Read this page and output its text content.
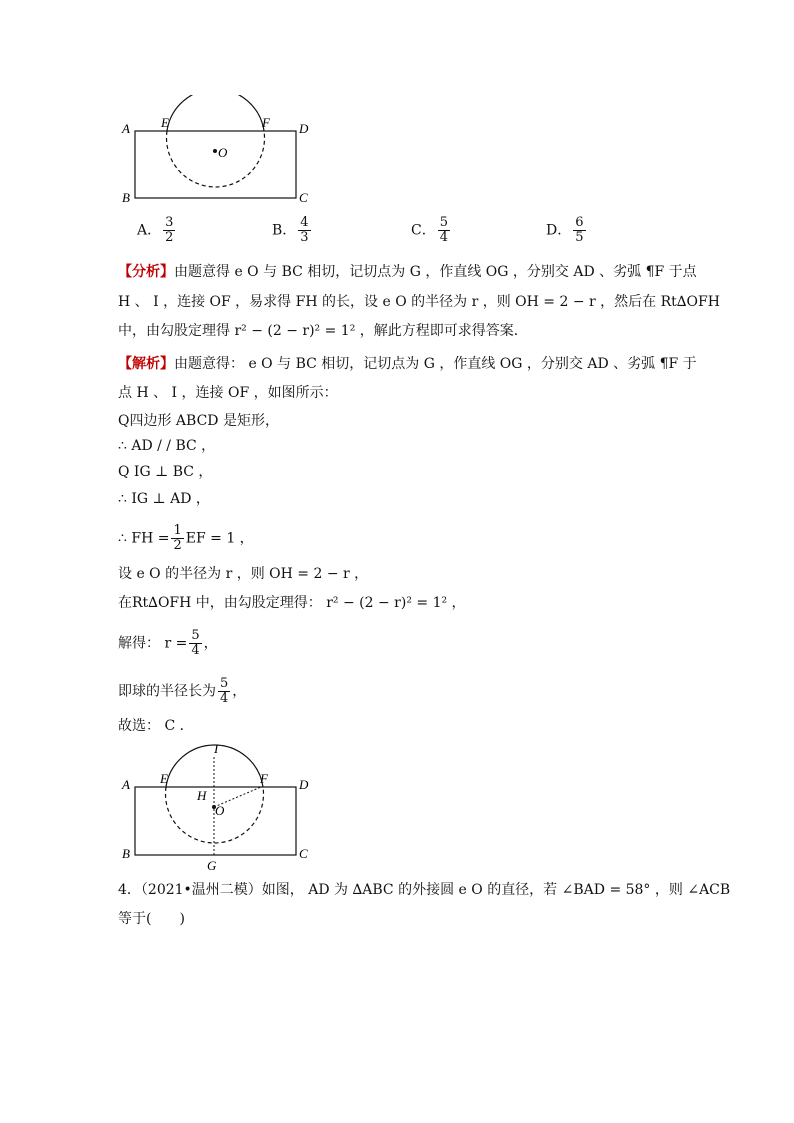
A E	F D
O
B	C
A． $\frac{3}{2}$	B． $\frac{4}{3}$	C． $\frac{5}{4}$	D． $\frac{6}{5}$
【分析】由题意得 e O 与 BC 相切，记切点为 G ，作直线 OG ，分别交 AD 、劣弧 ¶F 于点
H 、 I ，连接 OF ，易求得 FH 的长，设 e O 的半径为 r ，则 OH = 2 − r ，然后在 Rt∆OFH
中，由勾股定理得 r² − (2 − r)² = 1² ，解此方程即可求得答案．
【解析】由题意得： e O 与 BC 相切，记切点为 G ，作直线 OG ，分别交 AD 、劣弧 ¶F 于
点 H 、 I ，连接 OF ，如图所示：
Q四边形 ABCD 是矩形，
∴ AD / / BC ，
Q IG ⊥ BC ，
∴ IG ⊥ AD ，
∴ FH = $\frac{1}{2}$ EF = 1 ，
设 e O 的半径为 r ，则 OH = 2 − r ，
在Rt∆OFH 中，由勾股定理得： r² − (2 − r)² = 1² ，
解得： $r = \frac{5}{4}$ ，
即球的半径长为 $\frac{5}{4}$ ，
故选： C ．
I
A E	F D
H
O
B
G
C
4．（2021•温州二模）如图， AD 为 ∆ABC 的外接圆 e O 的直径，若 ∠BAD = 58° ，则 ∠ACB
等于(　　)
